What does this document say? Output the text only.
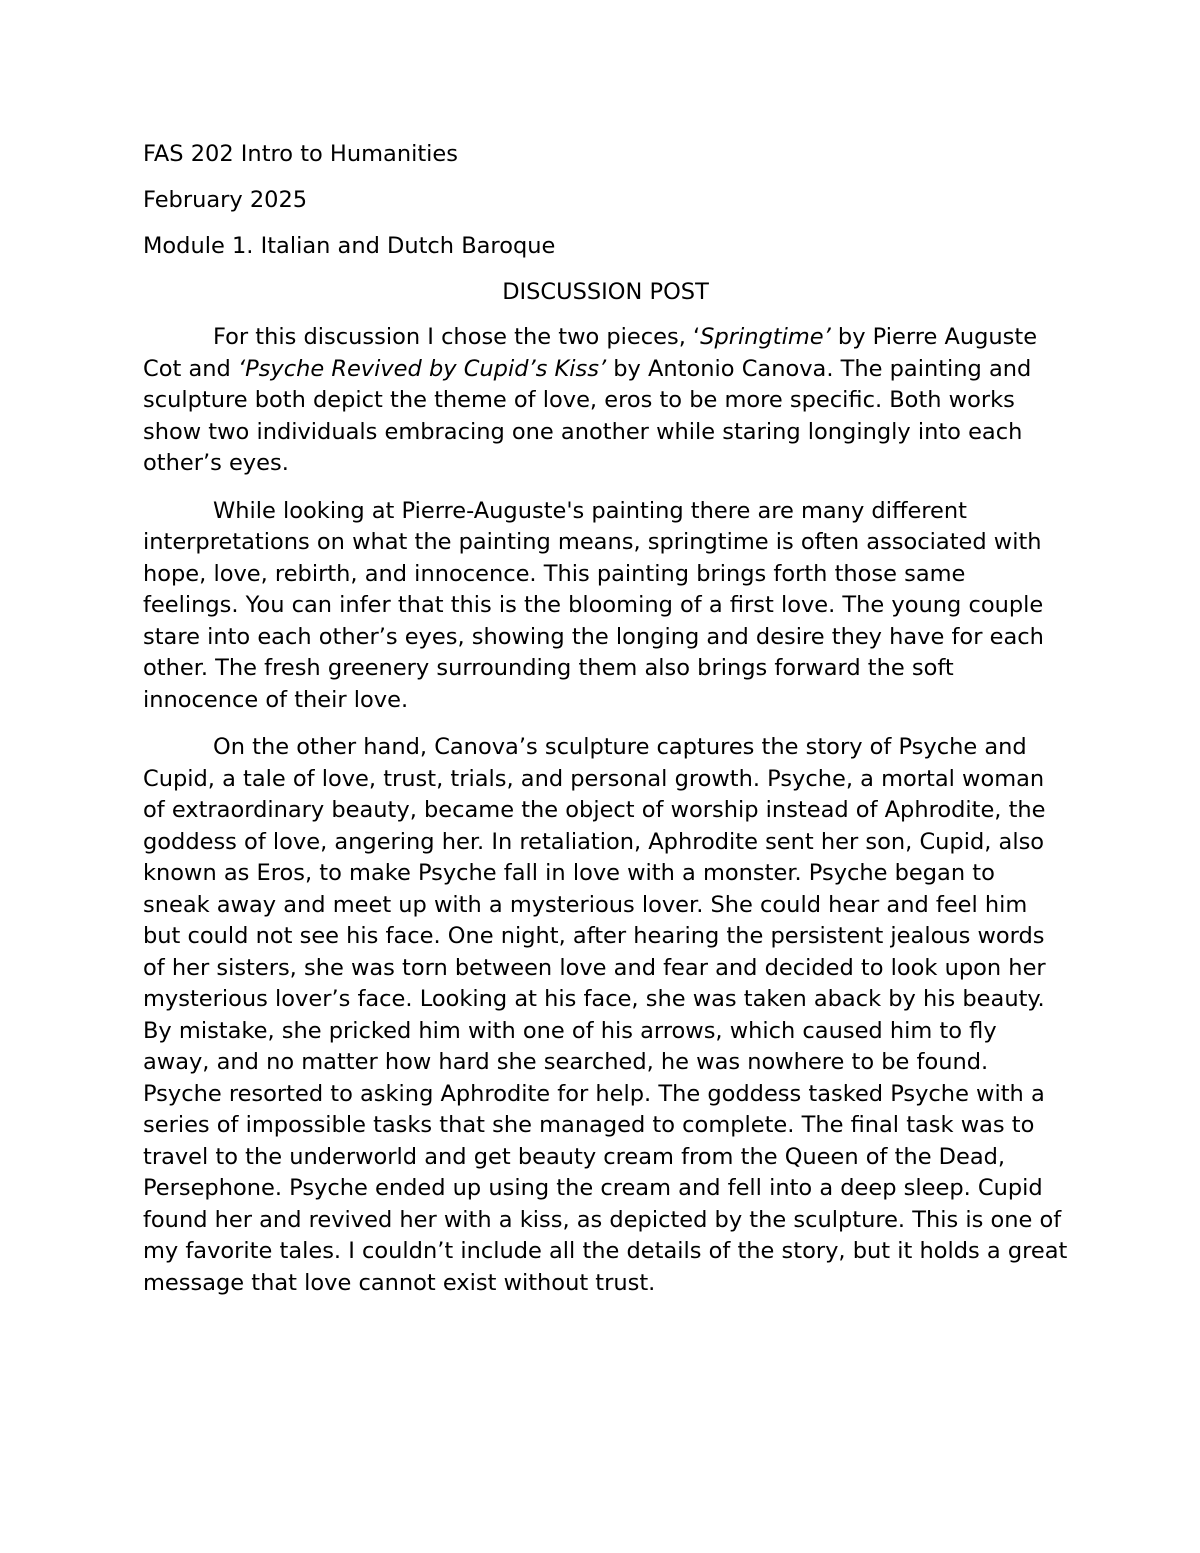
FAS 202 Intro to Humanities
February 2025
Module 1. Italian and Dutch Baroque
DISCUSSION POST

For this discussion I chose the two pieces, ‘Springtime’ by Pierre Auguste Cot and ‘Psyche Revived by Cupid’s Kiss’ by Antonio Canova. The painting and sculpture both depict the theme of love, eros to be more specific. Both works show two individuals embracing one another while staring longingly into each other’s eyes.

While looking at Pierre-Auguste's painting there are many different interpretations on what the painting means, springtime is often associated with hope, love, rebirth, and innocence. This painting brings forth those same feelings. You can infer that this is the blooming of a first love. The young couple stare into each other’s eyes, showing the longing and desire they have for each other. The fresh greenery surrounding them also brings forward the soft innocence of their love.

On the other hand, Canova’s sculpture captures the story of Psyche and Cupid, a tale of love, trust, trials, and personal growth. Psyche, a mortal woman of extraordinary beauty, became the object of worship instead of Aphrodite, the goddess of love, angering her. In retaliation, Aphrodite sent her son, Cupid, also known as Eros, to make Psyche fall in love with a monster. Psyche began to sneak away and meet up with a mysterious lover. She could hear and feel him but could not see his face. One night, after hearing the persistent jealous words of her sisters, she was torn between love and fear and decided to look upon her mysterious lover’s face. Looking at his face, she was taken aback by his beauty. By mistake, she pricked him with one of his arrows, which caused him to fly away, and no matter how hard she searched, he was nowhere to be found. Psyche resorted to asking Aphrodite for help. The goddess tasked Psyche with a series of impossible tasks that she managed to complete. The final task was to travel to the underworld and get beauty cream from the Queen of the Dead, Persephone. Psyche ended up using the cream and fell into a deep sleep. Cupid found her and revived her with a kiss, as depicted by the sculpture. This is one of my favorite tales. I couldn’t include all the details of the story, but it holds a great message that love cannot exist without trust.
